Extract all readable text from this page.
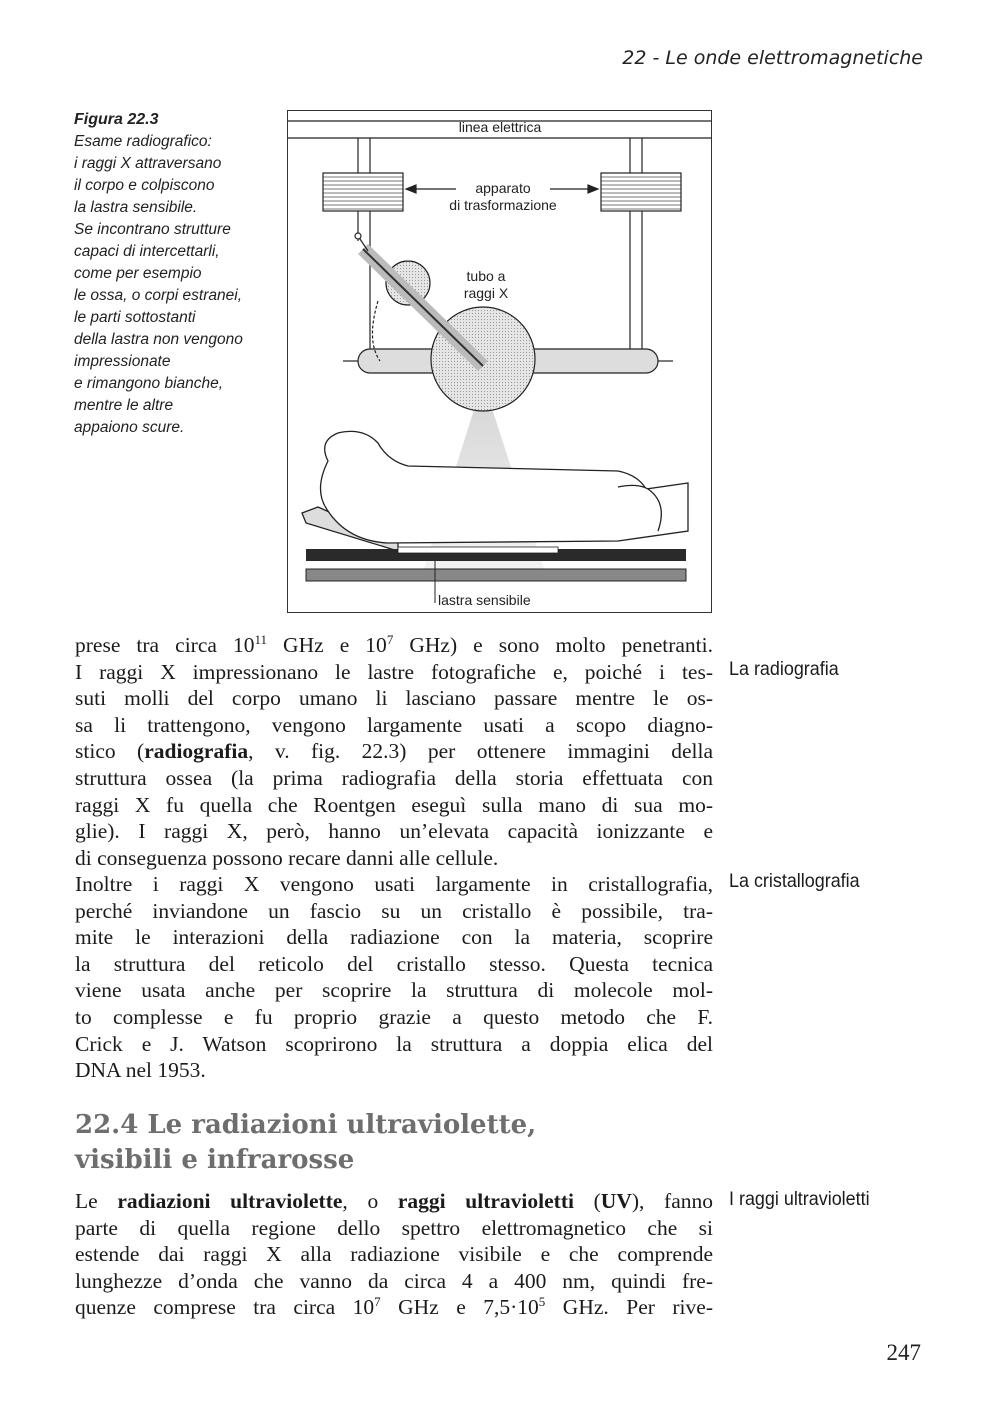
22 - Le onde elettromagnetiche
Figura 22.3
Esame radiografico:
i raggi X attraversano
il corpo e colpiscono
la lastra sensibile.
Se incontrano strutture
capaci di intercettarli,
come per esempio
le ossa, o corpi estranei,
le parti sottostanti
della lastra non vengono
impressionate
e rimangono bianche,
mentre le altre
appaiono scure.
linea elettrica
apparato
di trasformazione
tubo a
raggi X
lastra sensibile
prese tra circa $10^{11}$ GHz e $10^7$ GHz) e sono molto penetranti.
I raggi X impressionano le lastre fotografiche e, poiché i tes-
suti molli del corpo umano li lasciano passare mentre le os-
sa li trattengono, vengono largamente usati a scopo diagno-
stico (radiografia, v. fig. 22.3) per ottenere immagini della
struttura ossea (la prima radiografia della storia effettuata con
raggi X fu quella che Roentgen eseguì sulla mano di sua mo-
glie). I raggi X, però, hanno un’elevata capacità ionizzante e
di conseguenza possono recare danni alle cellule.
Inoltre i raggi X vengono usati largamente in cristallografia,
perché inviandone un fascio su un cristallo è possibile, tra-
mite le interazioni della radiazione con la materia, scoprire
la struttura del reticolo del cristallo stesso. Questa tecnica
viene usata anche per scoprire la struttura di molecole mol-
to complesse e fu proprio grazie a questo metodo che F.
Crick e J. Watson scoprirono la struttura a doppia elica del
DNA nel 1953.
22.4 Le radiazioni ultraviolette,
visibili e infrarosse
Le radiazioni ultraviolette, o raggi ultravioletti (UV), fanno
parte di quella regione dello spettro elettromagnetico che si
estende dai raggi X alla radiazione visibile e che comprende
lunghezze d’onda che vanno da circa 4 a 400 nm, quindi fre-
quenze comprese tra circa $10^7$ GHz e $7,5\cdot 10^5$ GHz. Per rive-
La radiografia
La cristallografia
I raggi ultravioletti
247
